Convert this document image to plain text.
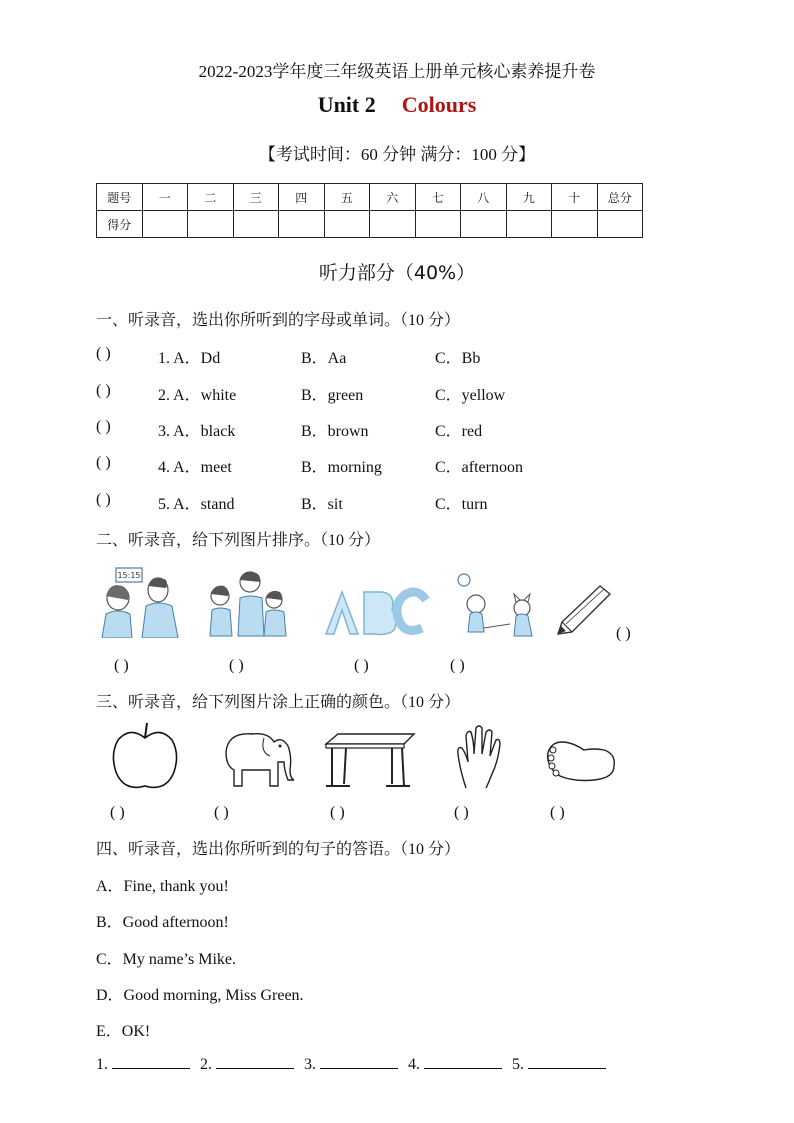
2022-2023学年度三年级英语上册单元核心素养提升卷
Unit 2 Colours
【考试时间：60 分钟 满分：100 分】
题号	一	二	三	四	五	六	七	八	九	十	总分
得分											
听力部分（40%）
一、听录音，选出你所听到的字母或单词。（10 分）
( )	1. A．Dd	B．Aa	C．Bb
( )	2. A．white	B．green	C．yellow
( )	3. A．black	B．brown	C．red
( )	4. A．meet	B．morning	C．afternoon
( )	5. A．stand	B．sit	C．turn
二、听录音，给下列图片排序。（10 分）
15:15
( )
( )	( )	( )	( )
三、听录音，给下列图片涂上正确的颜色。（10 分）
( )	( )	( )	( )	( )
四、听录音，选出你所听到的句子的答语。（10 分）
A．Fine, thank you!
B．Good afternoon!
C．My name’s Mike.
D．Good morning, Miss Green.
E．OK!
1.	2.	3.	4.	5.
